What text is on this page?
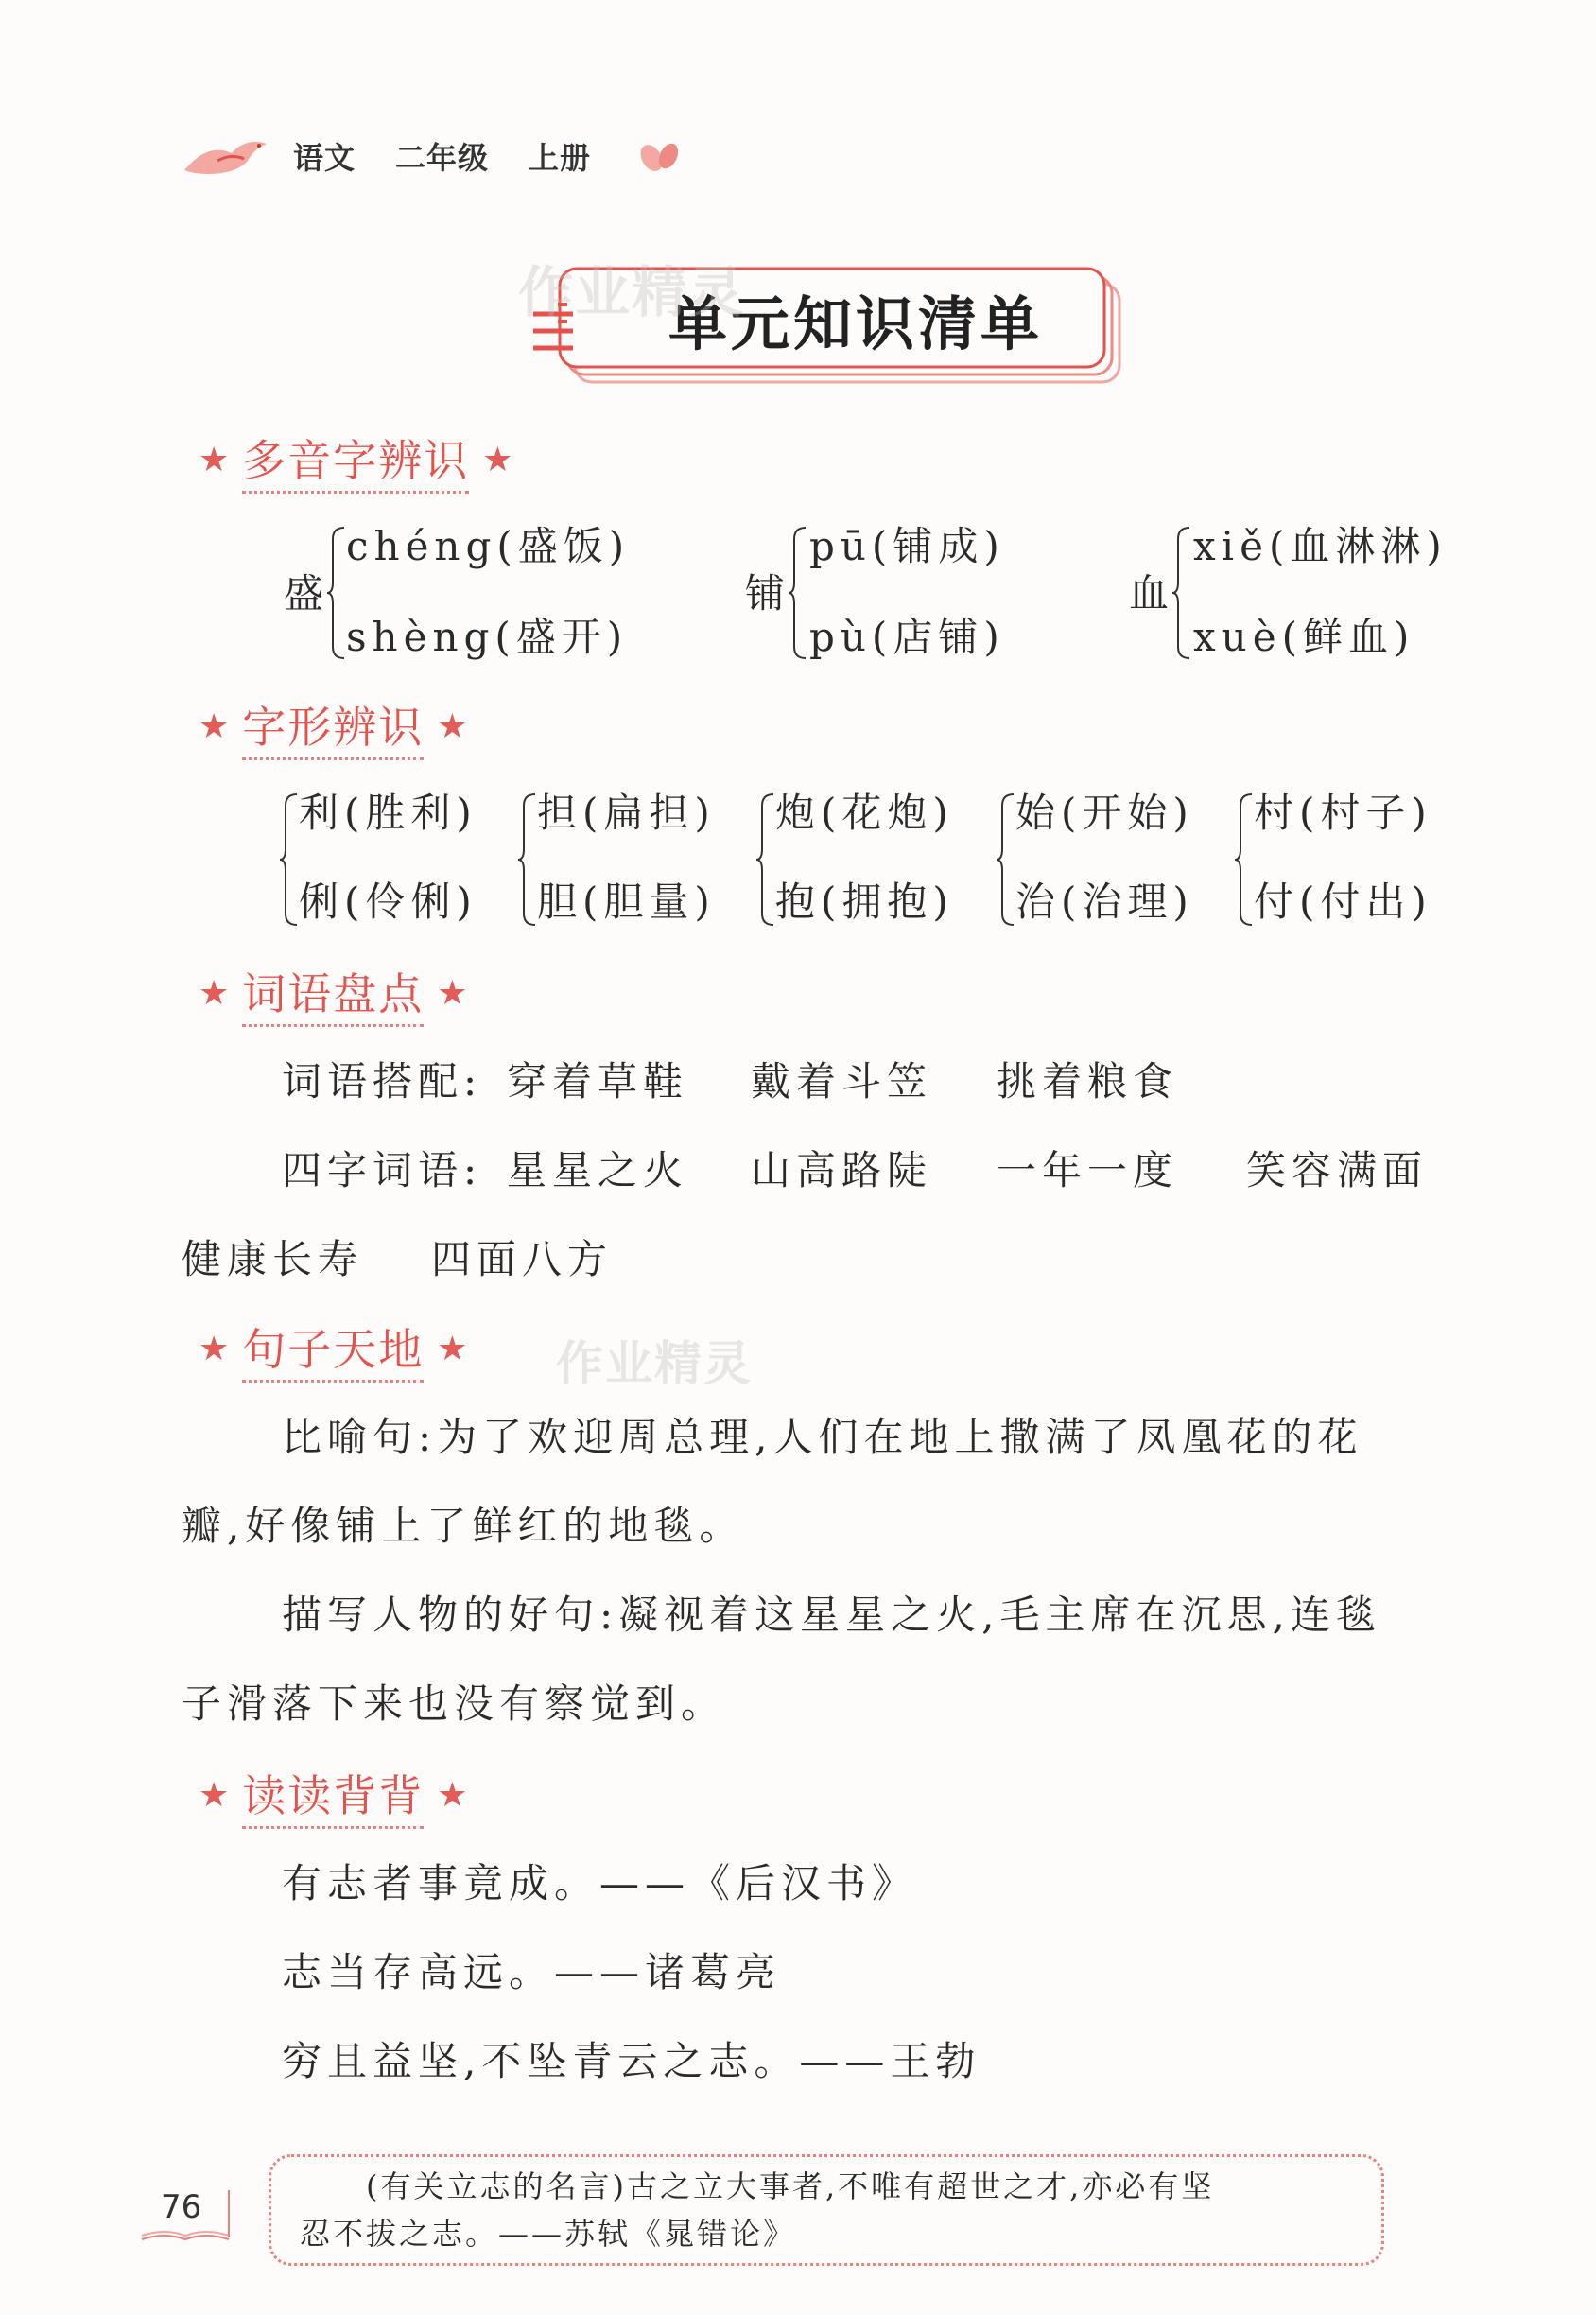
语文 二年级 上册
单元知识清单
作业精灵
★ 多音字辨识 ★
盛
chéng(盛饭)
shèng(盛开)
铺
pū(铺成)
pù(店铺)
血
xiě(血淋淋)
xuè(鲜血)
★ 字形辨识 ★
利(胜利)
俐(伶俐)
担(扁担)
胆(胆量)
炮(花炮)
抱(拥抱)
始(开始)
治(治理)
村(村子)
付(付出)
★ 词语盘点 ★
词语搭配: 穿着草鞋 戴着斗笠 挑着粮食
四字词语: 星星之火 山高路陡 一年一度 笑容满面
健康长寿 四面八方
★ 句子天地 ★ 作业精灵
比喻句:为了欢迎周总理,人们在地上撒满了凤凰花的花
瓣,好像铺上了鲜红的地毯。
描写人物的好句:凝视着这星星之火,毛主席在沉思,连毯
子滑落下来也没有察觉到。
★ 读读背背 ★
有志者事竟成。——《后汉书》
志当存高远。——诸葛亮
穷且益坚,不坠青云之志。——王勃
76
(有关立志的名言)古之立大事者,不唯有超世之才,亦必有坚
忍不拔之志。——苏轼《晁错论》
